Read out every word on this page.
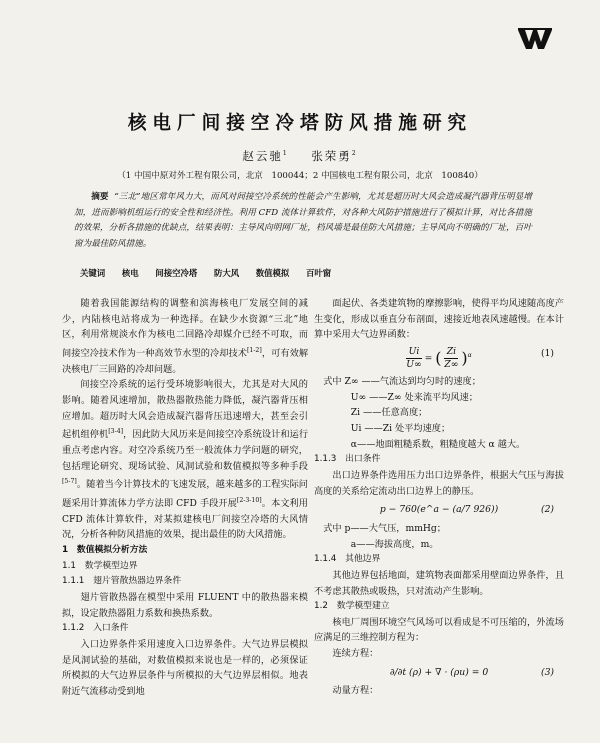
核电厂间接空冷塔防风措施研究
赵云驰$^1$ 张荣勇$^2$
（1 中国中原对外工程有限公司，北京　100044；2 中国核电工程有限公司，北京　100840）

摘要 “三北”地区常年风力大，而风对间接空冷系统的性能会产生影响，尤其是超历时大风会造成凝汽器背压明显增加，进而影响机组运行的安全性和经济性。利用 CFD 流体计算软件，对各种大风防护措施进行了模拟计算，对比各措施的效果，分析各措施的优缺点，结果表明：主导风向明网厂址，档风墙是最佳防大风措施；主导风向不明确的厂址，百叶窗为最佳防风措施。

关键词 核电 间接空冷塔 防大风 数值模拟 百叶窗

随着我国能源结构的调整和滨海核电厂发展空间的减少，内陆核电站将成为一种选择。在缺少水资源“三北”地区，利用常规淡水作为核电二回路冷却媒介已经不可取，而间接空冷技术作为一种高效节水型的冷却技术[1-2]，可有效解决核电厂三回路的冷却问题。

间接空冷系统的运行受环境影响很大，尤其是对大风的影响。随着风速增加，散热器散热能力降低，凝汽器背压相应增加。超历时大风会造成凝汽器背压迅速增大，甚至会引起机组停机[3-4]，因此防大风历来是间接空冷系统设计和运行重点考虑内容。对空冷系统乃至一般流体力学问题的研究，包括理论研究、现场试验、风洞试验和数值模拟等多种手段[5-7]。随着当今计算技术的飞速发展，越来越多的工程实际问题采用计算流体力学方法即 CFD 手段开展[2-3-10]。本文利用 CFD 流体计算软件，对某拟建核电厂间接空冷塔的大风情况，分析各种防风措施的效果，提出最佳的防大风措施。

1　数值模拟分析方法

1.1　数学模型边界

1.1.1　翅片管散热器边界条件

翅片管散热器在模型中采用 FLUENT 中的散热器来模拟，设定散热器阻力系数和换热系数。

1.1.2　入口条件

入口边界条件采用速度入口边界条件。大气边界层模拟是风洞试验的基础，对数值模拟来说也是一样的，必须保证所模拟的大气边界层条件与所模拟的大气边界层相似。地表附近气流移动受到地

面起伏、各类建筑物的摩擦影响，使得平均风速随高度产生变化，形成以垂直分布剖面，速接近地表风速越慢。在本计算中采用大气边界函数：

$\frac{Ui}{U\infty}$ = ( $\frac{Zi}{Z\infty} )^\alpha$	(1)

式中 Z∞ ——气流达到均匀时的速度；

U∞ ——Z∞ 处来流平均风速；

Zi ——任意高度；

Ui ——Zi 处平均速度；

α——地面粗糙系数，粗糙度越大 α 越大。

1.1.3　出口条件

出口边界条件选用压力出口边界条件，根据大气压与海拔高度的关系给定流动出口边界上的静压。

p − 760(e^a − (a/7 926))	(2)

式中 p——大气压，mmHg；

a——海拔高度，m。

1.1.4　其他边界

其他边界包括地面，建筑物表面都采用壁面边界条件，且不考虑其散热或吸热，只对流动产生影响。

1.2　数学模型建立

核电厂周围环境空气风场可以看成是不可压缩的，外流场应满足的三维控制方程为：

连续方程：

∂/∂t (ρ) + ∇ · (ρu) = 0	(3)

动量方程：
